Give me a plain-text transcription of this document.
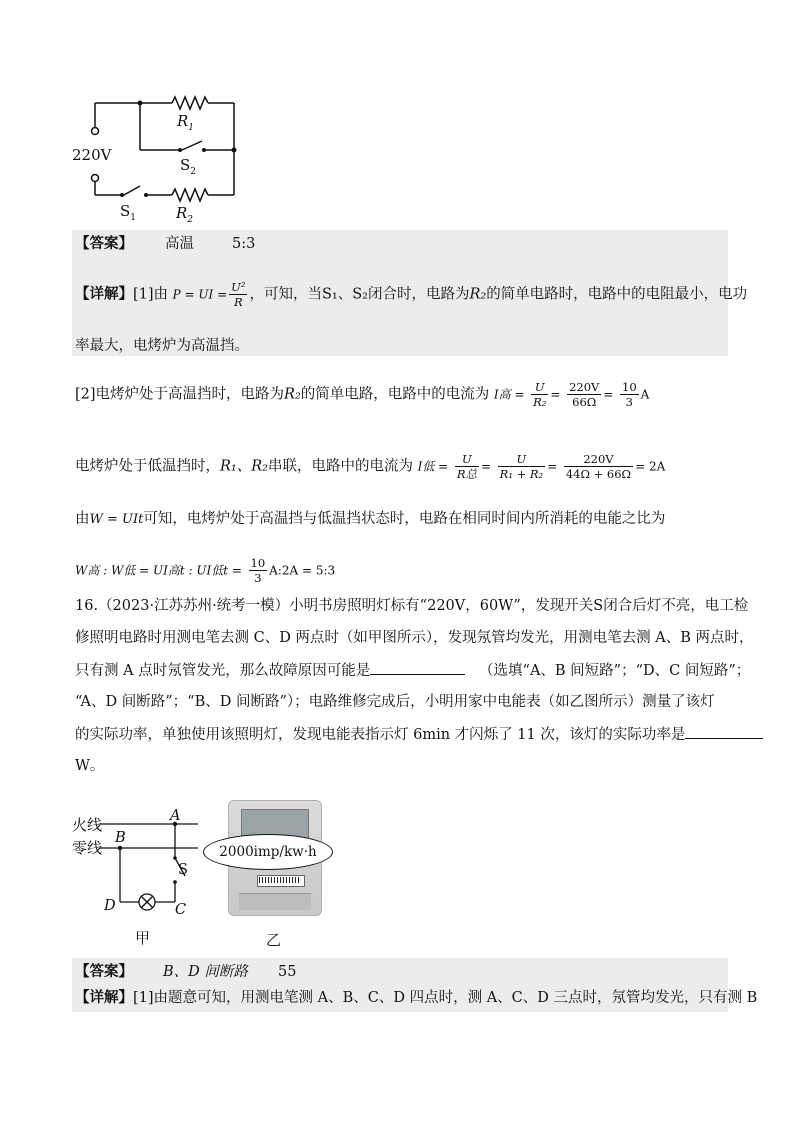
220V
$R_1$
$S_2$
$S_1$	$R_2$
【答案】 高温	5:3
【详解】[1]由 P = UI = $\frac{\text{U²}}{R}$ ，可知，当S₁、S₂闭合时，电路为R₂的简单电路时，电路中的电阻最小，电功
率最大，电烤炉为高温挡。
[2]电烤炉处于高温挡时，电路为R₂的简单电路，电路中的电流为 I高 = $\frac{U}{\text{R₂}} = \frac{220V}{66\Omega} = \frac{10}{3}$ A
电烤炉处于低温挡时，R₁、R₂串联，电路中的电流为 I低 = $\frac{U}{\text{R总}} = \frac{U}{\text{R₁ + R₂}} = \frac{220V}{44\Omega + 66\Omega} = 2A$
由W = UIt可知，电烤炉处于高温挡与低温挡状态时，电路在相同时间内所消耗的电能之比为
W高 : W低 = UI高t : UI低$t = \frac{10}{3}$ A:2A = 5:3
16.（2023·江苏苏州·统考一模）小明书房照明灯标有“220V，60W”，发现开关S闭合后灯不亮，电工检
修照明电路时用测电笔去测 C、D 两点时（如甲图所示），发现氖管均发光，用测电笔去测 A、B 两点时，
只有测 A 点时氖管发光，那么故障原因可能是	（选填“A、B 间短路”；“D、C 间短路”；
“A、D 间断路”；“B、D 间断路”）；电路维修完成后，小明用家中电能表（如乙图所示）测量了该灯
的实际功率，单独使用该照明灯，发现电能表指示灯 6min 才闪烁了 11 次，该灯的实际功率是
W。
火线
零线
A
B
S
D	C
甲
2000imp/kw·h
乙
【答案】 B、D 间断路 55
【详解】[1]由题意可知，用测电笔测 A、B、C、D 四点时，测 A、C、D 三点时，氖管均发光，只有测 B
